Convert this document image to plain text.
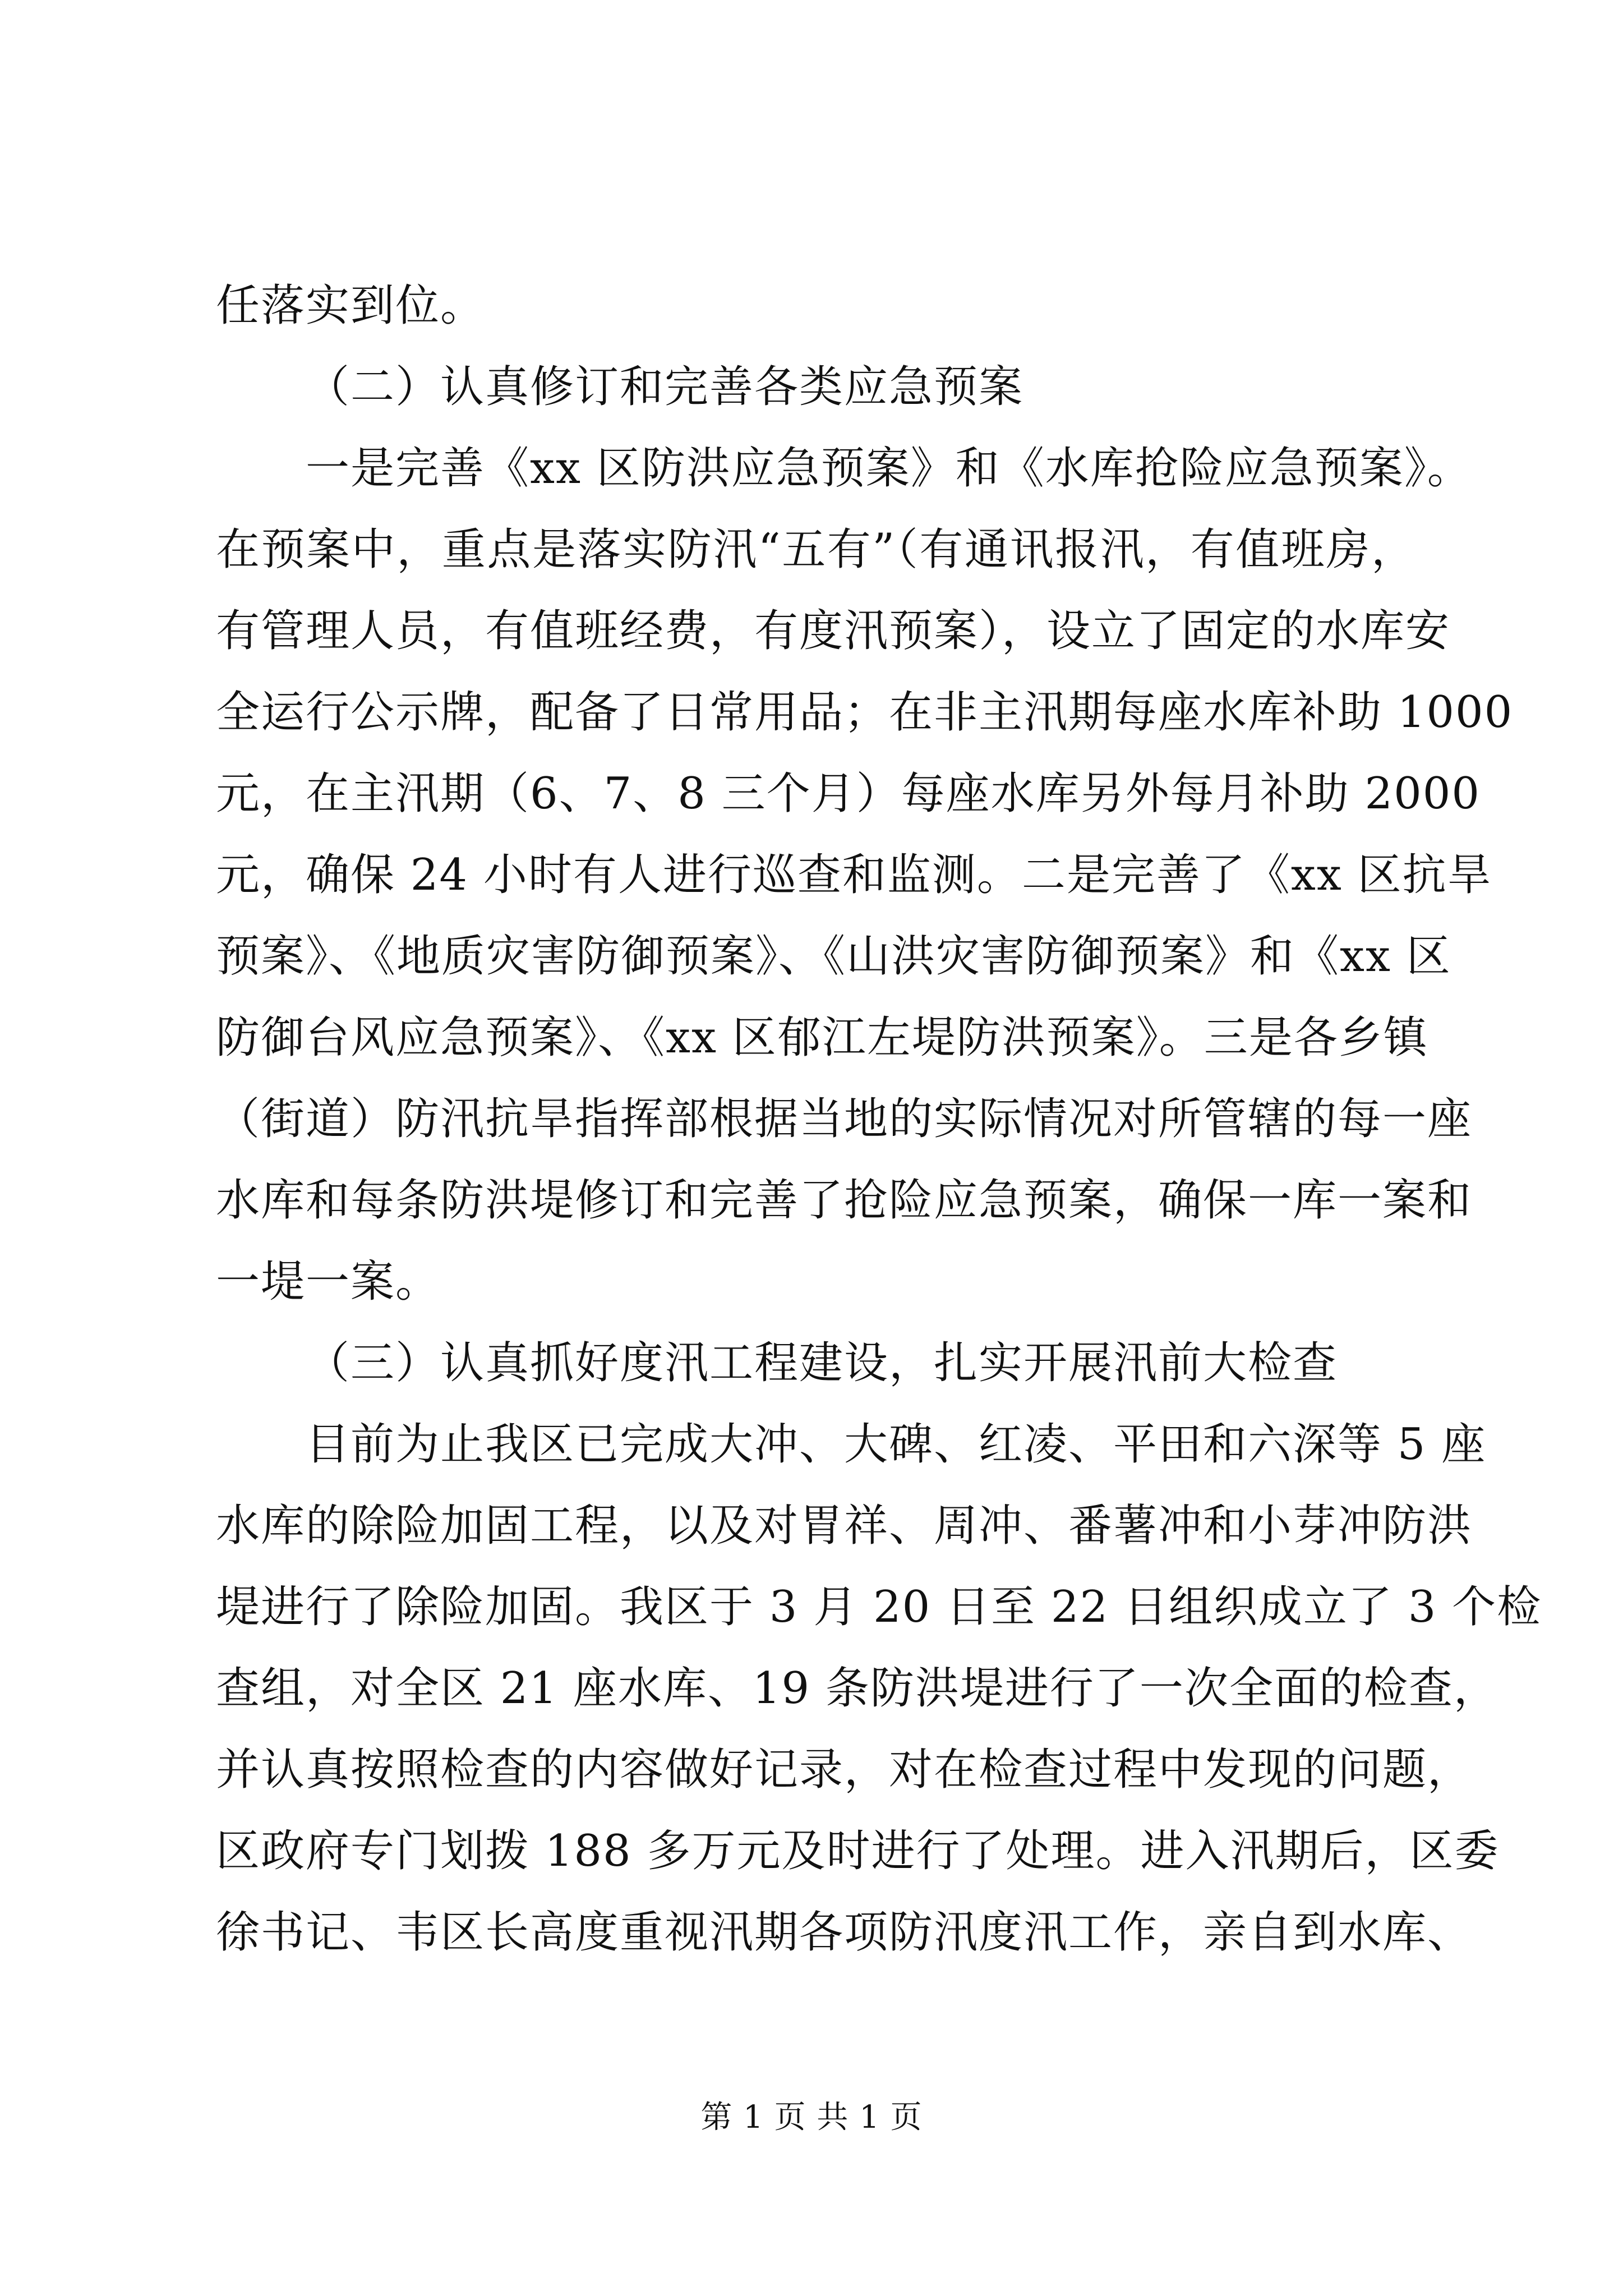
任落实到位。
（二）认真修订和完善各类应急预案
一是完善《xx 区防洪应急预案》和《水库抢险应急预案》。
在预案中，重点是落实防汛“五有”（有通讯报汛，有值班房，
有管理人员，有值班经费，有度汛预案），设立了固定的水库安
全运行公示牌，配备了日常用品；在非主汛期每座水库补助 1000
元，在主汛期（6、7、8 三个月）每座水库另外每月补助 2000
元，确保 24 小时有人进行巡查和监测。二是完善了《xx 区抗旱
预案》、《地质灾害防御预案》、《山洪灾害防御预案》和《xx 区
防御台风应急预案》、《xx 区郁江左堤防洪预案》。三是各乡镇
（街道）防汛抗旱指挥部根据当地的实际情况对所管辖的每一座
水库和每条防洪堤修订和完善了抢险应急预案，确保一库一案和
一堤一案。
（三）认真抓好度汛工程建设，扎实开展汛前大检查
目前为止我区已完成大冲、大碑、红凌、平田和六深等 5 座
水库的除险加固工程，以及对胃祥、周冲、番薯冲和小芽冲防洪
堤进行了除险加固。我区于 3 月 20 日至 22 日组织成立了 3 个检
查组，对全区 21 座水库、19 条防洪堤进行了一次全面的检查，
并认真按照检查的内容做好记录，对在检查过程中发现的问题，
区政府专门划拨 188 多万元及时进行了处理。进入汛期后，区委
徐书记、韦区长高度重视汛期各项防汛度汛工作，亲自到水库、
第 1 页 共 1 页
